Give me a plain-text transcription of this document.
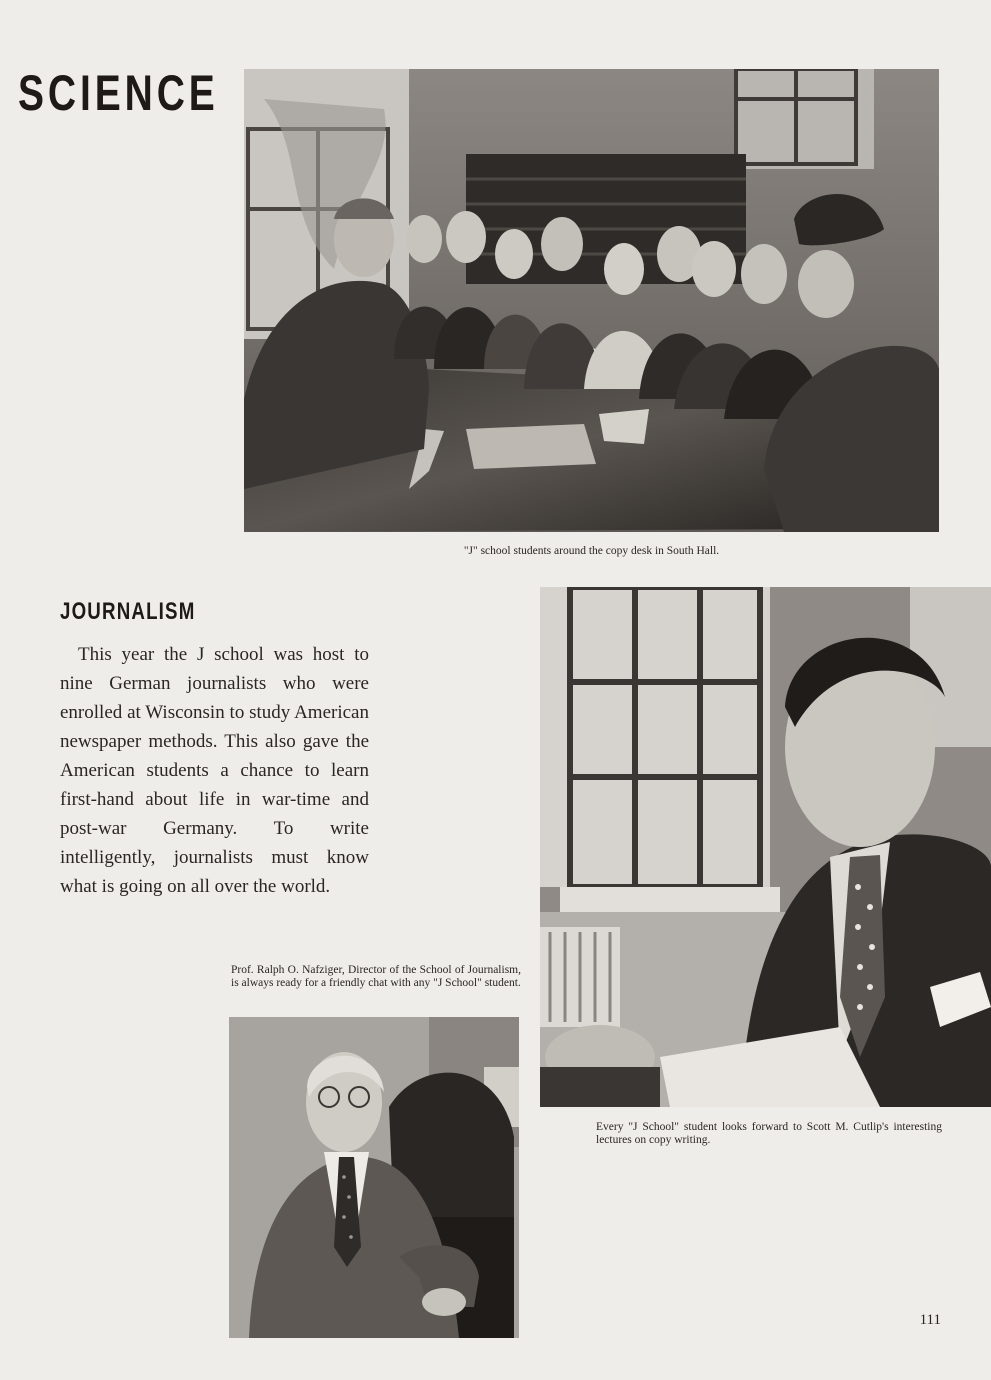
SCIENCE

"J" school students around the copy desk in South Hall.

JOURNALISM

This year the J school was host to nine German journalists who were enrolled at Wisconsin to study American newspaper methods. This also gave the American students a chance to learn first-hand about life in war-time and post-war Germany. To write intelligently, journalists must know what is going on all over the world.

Every "J School" student looks forward to Scott M. Cutlip's interesting lectures on copy writing.

Prof. Ralph O. Nafziger, Director of the School of Journalism, is always ready for a friendly chat with any "J School" student.

111
